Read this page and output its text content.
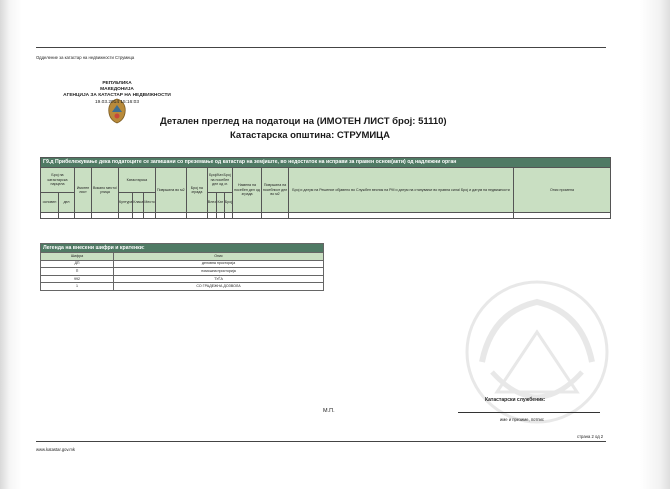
Одделение за катастар на недвижности Струмица
РЕПУБЛИКА МАКЕДОНИЈА
АГЕНЦИЈА ЗА КАТАСТАР НА НЕДВИЖНОСТИ
19.03.2014 15:16:03
Детален преглед на податоци на (ИМОТЕН ЛИСТ број: 51110)
Катастарска општина: СТРУМИЦА
Г9.д Прибележување дека податоците се запишани со преземање од катастар на земјиште, во недостаток на исправи за правен основ(акти) од надлежни орган															
Број на катастарска парцела		Имотен лист	Викано место/улица	Катастарска			Површина во м2	Број на зграда	Број/Кат.Број на посебен дел од зг.			Намена на посебен дел од зграда	Површина на посебниот дел во м2	Број и датум на Решение објавено во Службен весник на РМ и датум на стапување во правна сила/ Број и датум на недвижности	Опис промена
основен	дел			Култура	Класа	Место			Влез	Кат	Број				

Легенда на внесени шифри и кратенки:	
Шифра	Опис
ДП	деловна просторија
П	помошна просторија
992	ТУЃА
1	СО ГРАДЕЖНА ДОЗВОЛА
М.П.
Катастарски службеник:
име и презиме, потпис
www.katastar.gov.mk
страна 2 од 2
